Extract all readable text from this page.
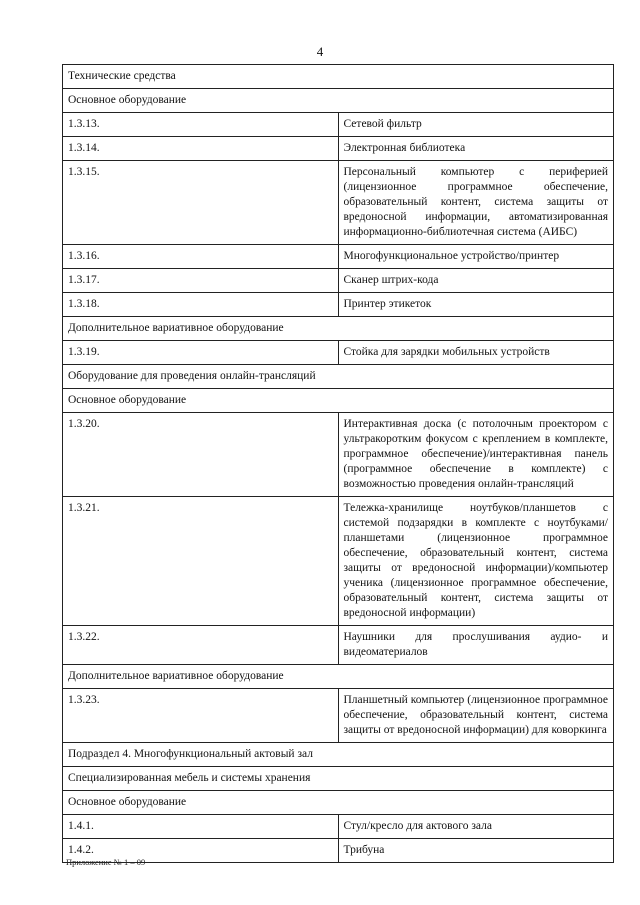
4
Технические средства	
Основное оборудование	
1.3.13.	Сетевой фильтр
1.3.14.	Электронная библиотека
1.3.15.	Персональный компьютер с периферией (лицензионное программное обеспечение, образовательный контент, система защиты от вредоносной информации, автоматизированная информационно-библиотечная система (АИБС)
1.3.16.	Многофункциональное устройство/принтер
1.3.17.	Сканер штрих-кода
1.3.18.	Принтер этикеток
Дополнительное вариативное оборудование	
1.3.19.	Стойка для зарядки мобильных устройств
Оборудование для проведения онлайн-трансляций	
Основное оборудование	
1.3.20.	Интерактивная доска (с потолочным проектором с ультракоротким фокусом с креплением в комплекте, программное обеспечение)/интерактивная панель (программное обеспечение в комплекте) с возможностью проведения онлайн-трансляций
1.3.21.	Тележка-хранилище ноутбуков/планшетов с системой подзарядки в комплекте с ноутбуками/планшетами (лицензионное программное обеспечение, образовательный контент, система защиты от вредоносной информации)/компьютер ученика (лицензионное программное обеспечение, образовательный контент, система защиты от вредоносной информации)
1.3.22.	Наушники для прослушивания аудио- и видеоматериалов
Дополнительное вариативное оборудование	
1.3.23.	Планшетный компьютер (лицензионное программное обеспечение, образовательный контент, система защиты от вредоносной информации) для коворкинга
Подраздел 4. Многофункциональный актовый зал	
Специализированная мебель и системы хранения	
Основное оборудование	
1.4.1.	Стул/кресло для актового зала
1.4.2.	Трибуна
Приложение № 1 – 09
